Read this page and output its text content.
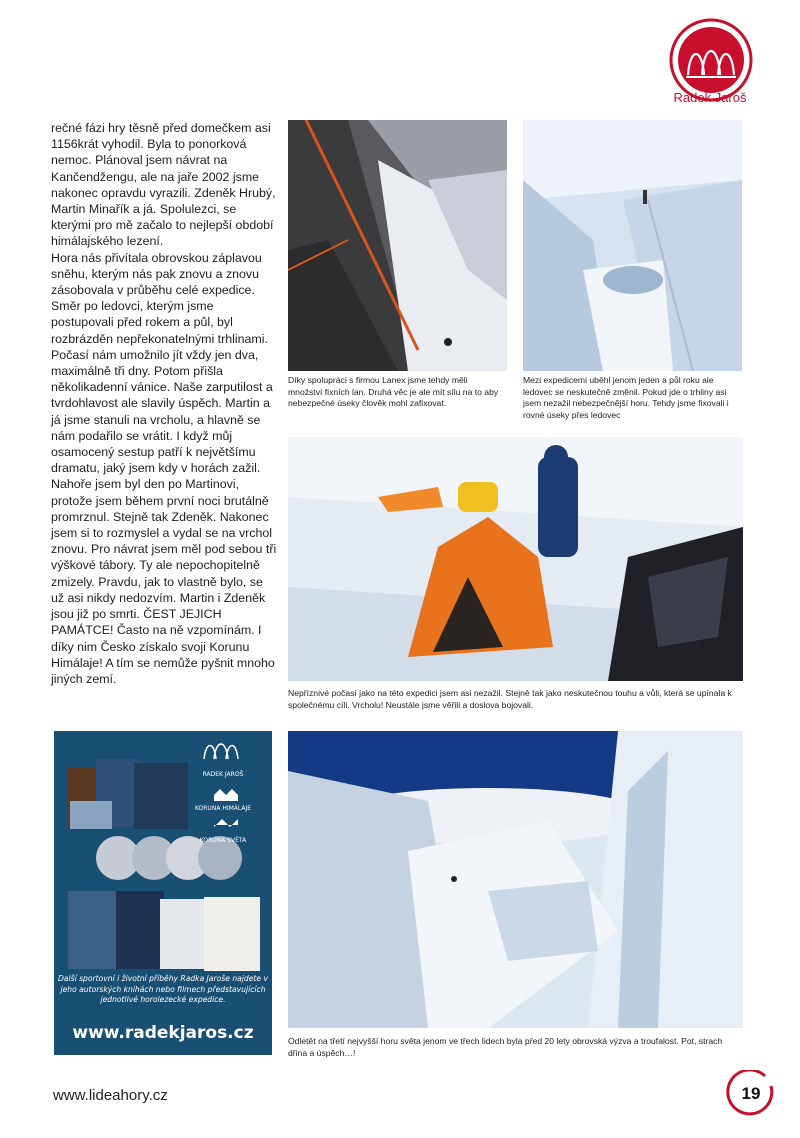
Radek Jaroš

rečné fázi hry těsně před domečkem asi 1156krát vyhodil. Byla to ponorková nemoc. Plánoval jsem návrat na Kančendžengu, ale na jaře 2002 jsme nakonec opravdu vyrazili. Zdeněk Hrubý, Martin Minařík a já. Spolulezci, se kterými pro mě začalo to nejlepší období himálajského lezení.

Hora nás přivítala obrovskou záplavou sněhu, kterým nás pak znovu a znovu zásobovala v průběhu celé expedice. Směr po ledovci, kterým jsme postupovali před rokem a půl, byl rozbrázděn nepřekonatelnými trhlinami. Počasí nám umožnilo jít vždy jen dva, maximálně tři dny. Potom přišla několikadenní vánice. Naše zarputilost a tvrdohlavost ale slavily úspěch. Martin a já jsme stanuli na vrcholu, a hlavně se nám podařilo se vrátit. I když můj osamocený sestup patří k největšímu dramatu, jaký jsem kdy v horách zažil. Nahoře jsem byl den po Martinovi, protože jsem během první noci brutálně promrznul. Stejně tak Zdeněk. Nakonec jsem si to rozmyslel a vydal se na vrchol znovu. Pro návrat jsem měl pod sebou tři výškové tábory. Ty ale nepochopitelně zmizely. Pravdu, jak to vlastně bylo, se už asi nikdy nedozvím. Martin i Zdeněk jsou již po smrti. ČEST JEJICH PAMÁTCE! Často na ně vzpomínám. I díky nim Česko získalo svoji Korunu Himálaje! A tím se nemůže pyšnit mnoho jiných zemí.

Díky spolupráci s firmou Lanex jsme tehdy měli množství fixních lan. Druhá věc je ale mít sílu na to aby nebezpečné úseky člověk mohl zafixovat.
Mezi expedicemi uběhl jenom jeden a půl roku ale ledovec se neskutečně změnil. Pokud jde o trhliny asi jsem nezažil nebezpečnější horu. Tehdy jsme fixovali i rovné úseky přes ledovec
Nepříznivé počasí jako na této expedici jsem asi nezažil. Stejně tak jako neskutečnou touhu a vůli, která se upínala k společnému cíli. Vrcholu! Neustále jsme věřili a doslova bojovali.
RADEK JAROŠ
KORUNA HIMÁLAJE
KORUNA SVĚTA
Další sportovní i životní příběhy Radka Jaroše najdete v jeho autorských knihách nebo filmech představujících jednotlivé horolezecké expedice.
www.radekjaros.cz	Odletět na třetí nejvyšší horu světa jenom ve třech lidech byla před 20 lety obrovská výzva a troufalost. Pot, strach dřina a úspěch…!
www.lideahory.cz	19
